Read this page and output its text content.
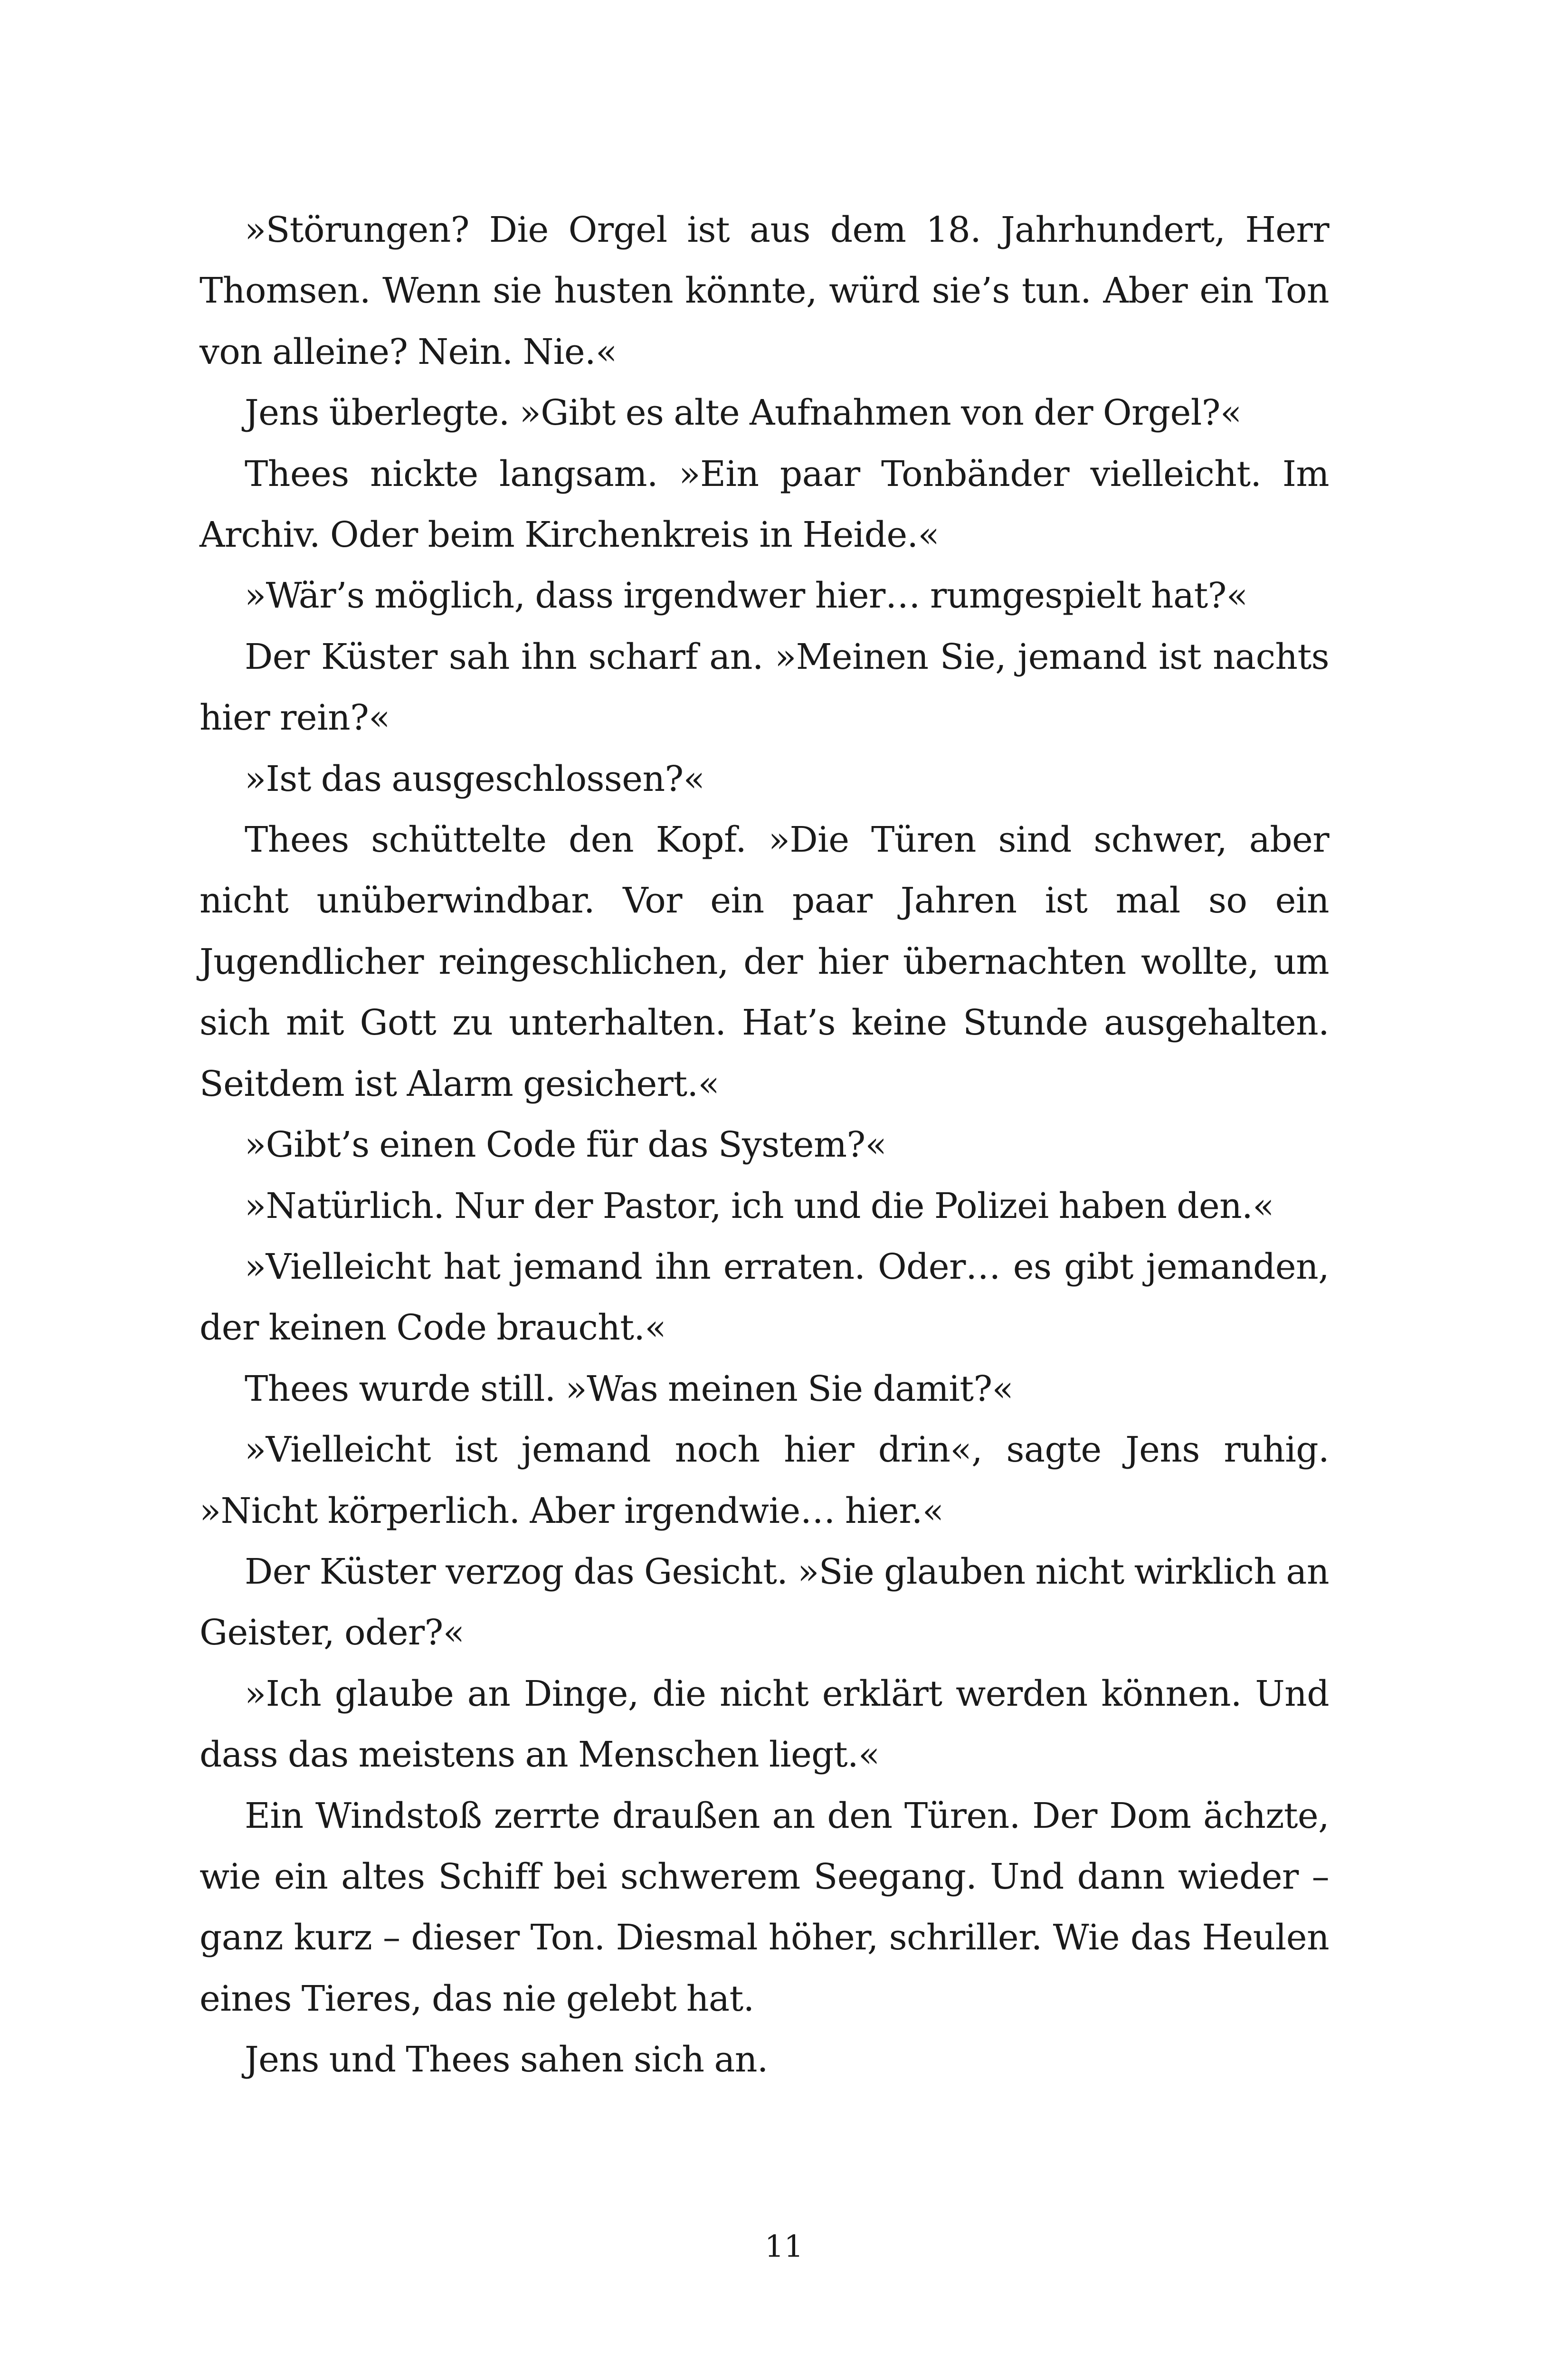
»Störungen? Die Orgel ist aus dem 18. Jahrhundert, Herr Thomsen. Wenn sie husten könnte, würd sie’s tun. Aber ein Ton von alleine? Nein. Nie.«

Jens überlegte. »Gibt es alte Aufnahmen von der Orgel?«

Thees nickte langsam. »Ein paar Tonbänder vielleicht. Im Archiv. Oder beim Kirchenkreis in Heide.«

»Wär’s möglich, dass irgendwer hier… rumgespielt hat?«

Der Küster sah ihn scharf an. »Meinen Sie, jemand ist nachts hier rein?«

»Ist das ausgeschlossen?«

Thees schüttelte den Kopf. »Die Türen sind schwer, aber nicht unüberwindbar. Vor ein paar Jahren ist mal so ein Jugendlicher reingeschlichen, der hier übernachten wollte, um sich mit Gott zu unterhalten. Hat’s keine Stunde ausgehalten. Seitdem ist Alarm gesichert.«

»Gibt’s einen Code für das System?«

»Natürlich. Nur der Pastor, ich und die Polizei haben den.«

»Vielleicht hat jemand ihn erraten. Oder… es gibt jemanden, der keinen Code braucht.«

Thees wurde still. »Was meinen Sie damit?«

»Vielleicht ist jemand noch hier drin«, sagte Jens ruhig. »Nicht körperlich. Aber irgendwie… hier.«

Der Küster verzog das Gesicht. »Sie glauben nicht wirklich an Geister, oder?«

»Ich glaube an Dinge, die nicht erklärt werden können. Und dass das meistens an Menschen liegt.«

Ein Windstoß zerrte draußen an den Türen. Der Dom ächzte, wie ein altes Schiff bei schwerem Seegang. Und dann wieder – ganz kurz – dieser Ton. Diesmal höher, schriller. Wie das Heulen eines Tieres, das nie gelebt hat.

Jens und Thees sahen sich an.

11
